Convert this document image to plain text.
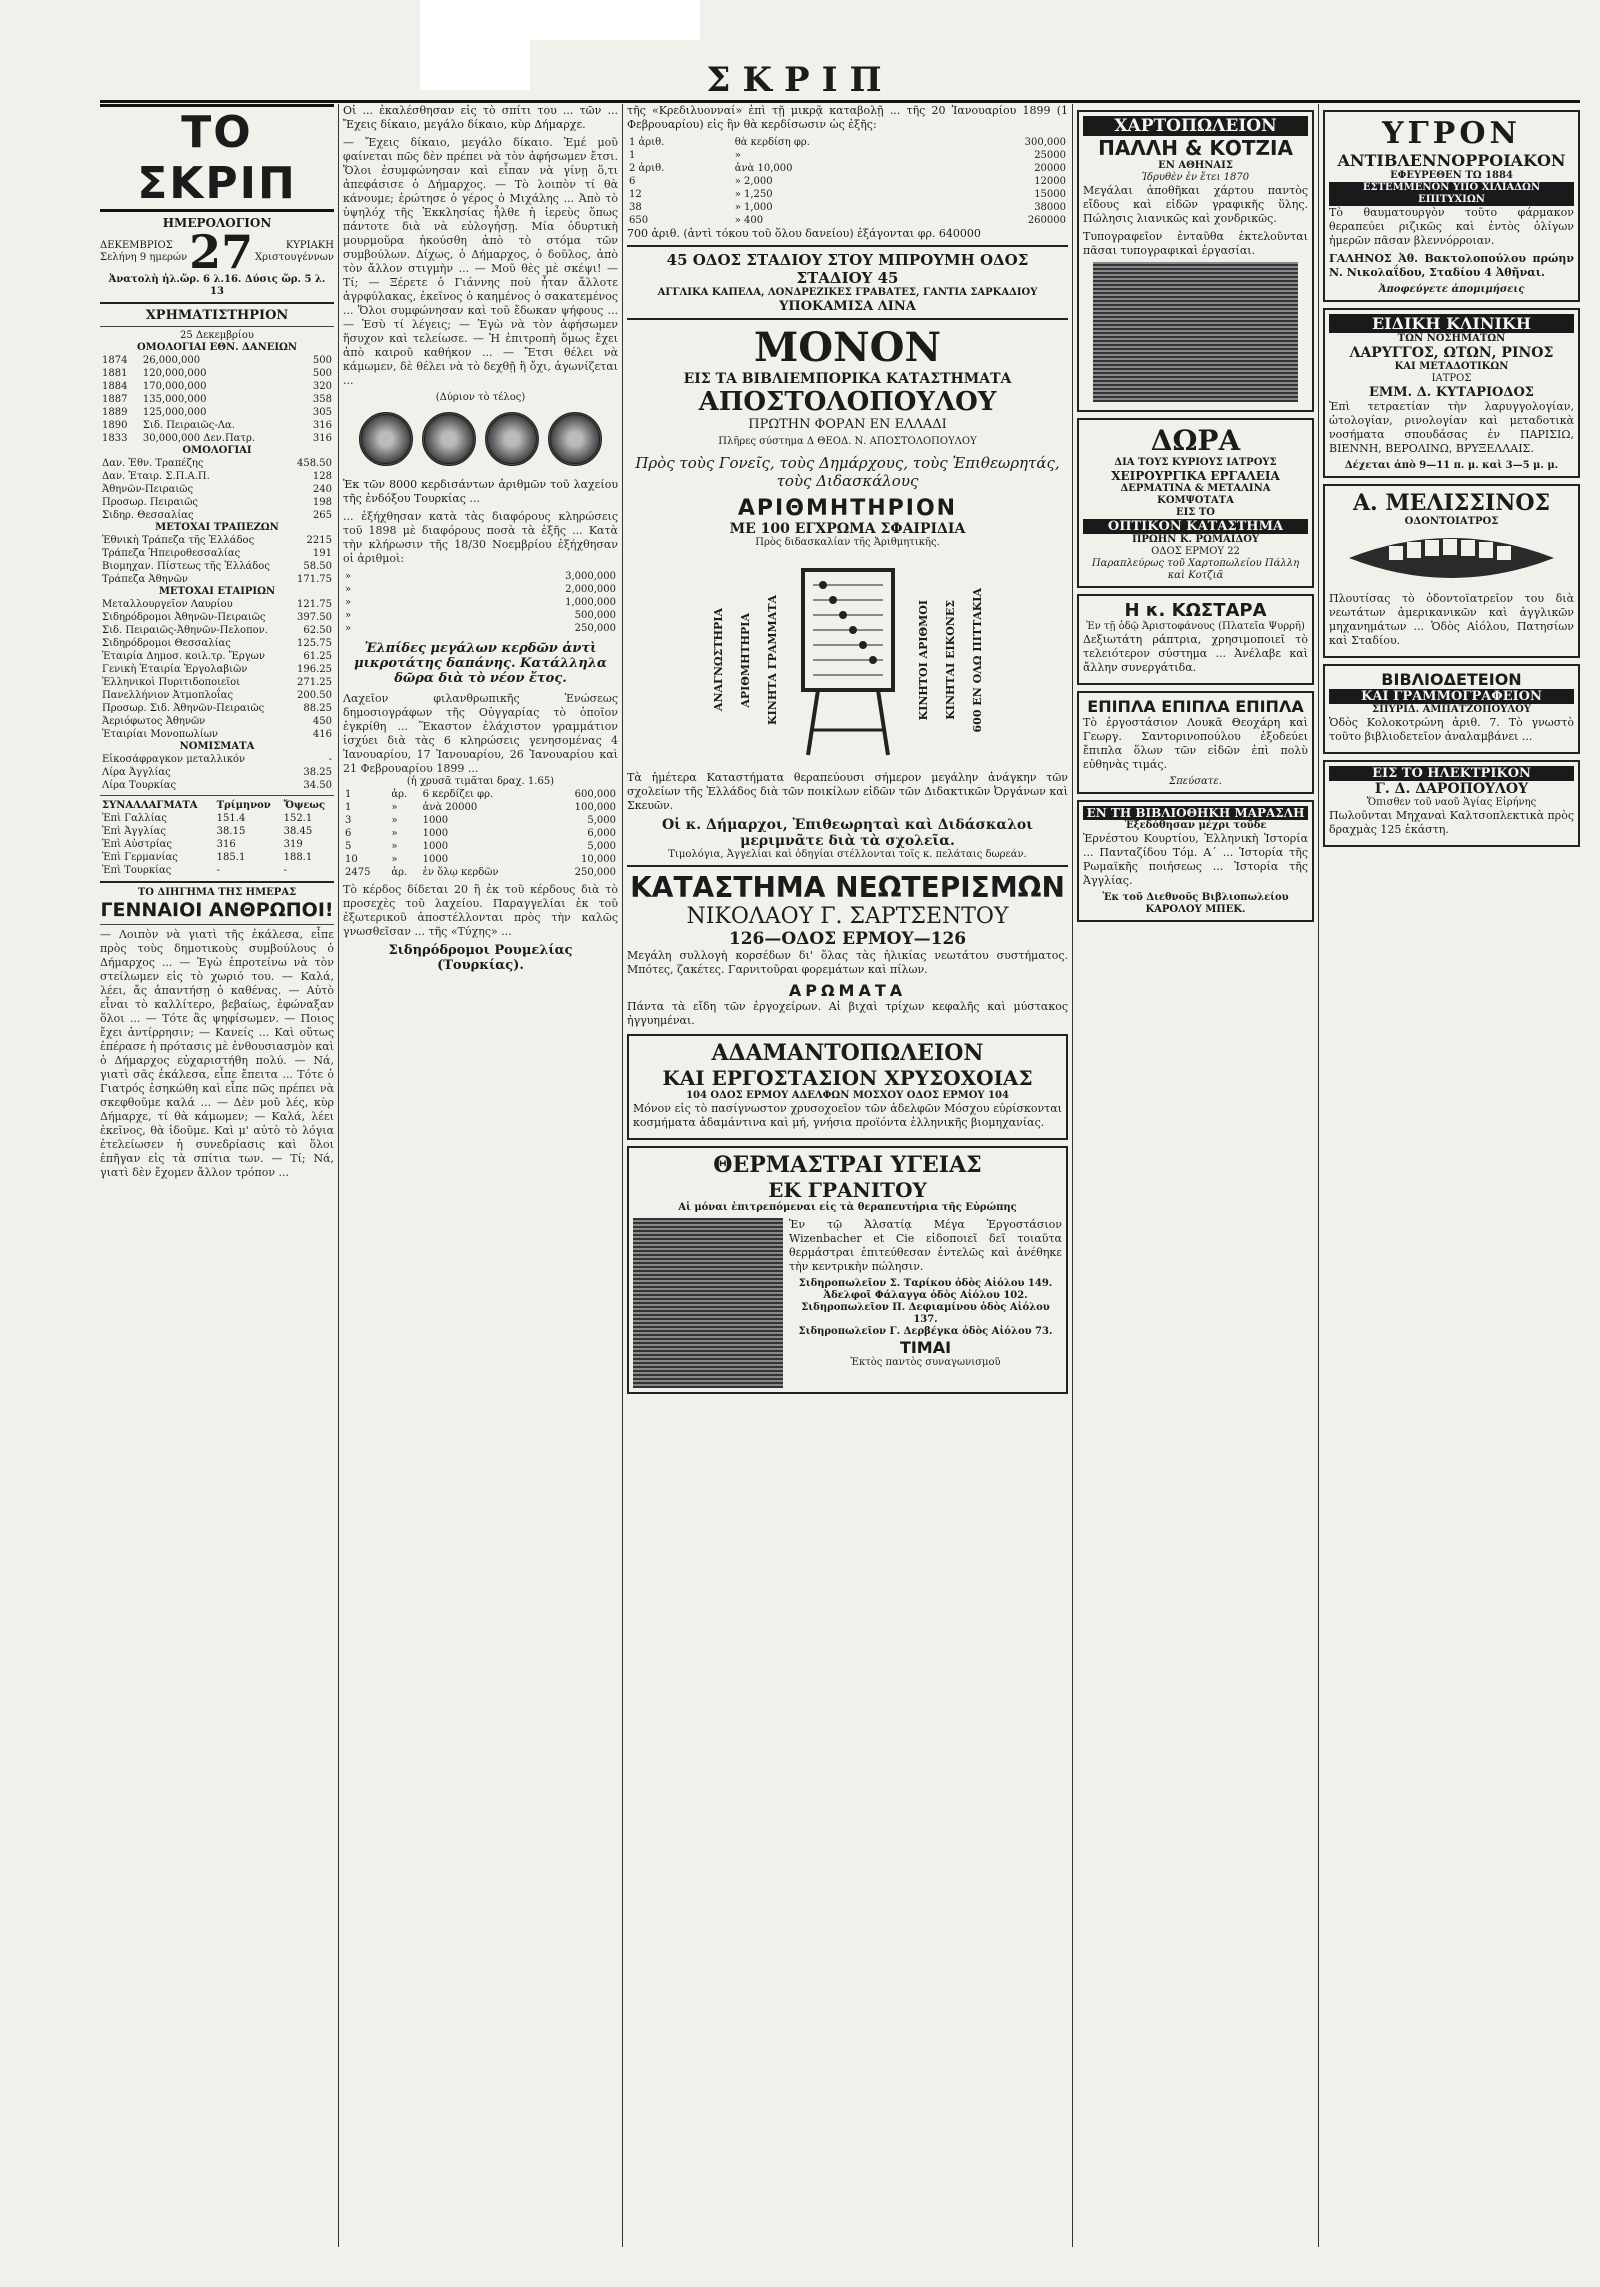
ΣΚΡΙΠ
ΤΟ ΣΚΡΙΠ
ΗΜΕΡΟΛΟΓΙΟΝ
ΔΕΚΕΜΒΡΙΟΣ
Σελήνη 9 ημερών 27	ΚΥΡΙΑΚΗ
Χριστουγέννων
Ἀνατολὴ ἡλ.ὥρ. 6 λ.16. Δύσις ὥρ. 5 λ. 13
ΧΡΗΜΑΤΙΣΤΗΡΙΟΝ
25 Δεκεμβρίου
ΟΜΟΛΟΓΙΑΙ ΕΘΝ. ΔΑΝΕΙΩΝ
1874	26,000,000	500
1881	120,000,000	500
1884	170,000,000	320
1887	135,000,000	358
1889	125,000,000	305
1890	Σιδ. Πειραιῶς-Λα.	316
1833	30,000,000 Δεν.Πατρ.	316
ΟΜΟΛΟΓΙΑΙ
Δαν. Ἐθν. Τραπέζης	458.50
Δαν. Ἐταιρ. Σ.Π.Α.Π.	128
Ἀθηνῶν-Πειραιῶς	240
Προσωρ. Πειραιῶς	198
Σιδηρ. Θεσσαλίας	265
ΜΕΤΟΧΑΙ ΤΡΑΠΕΖΩΝ
Ἐθνικὴ Τράπεζα τῆς Ἑλλάδος	2215
Τράπεζα Ἠπειροθεσσαλίας	191
Βιομηχαν. Πίστεως τῆς Ἑλλάδος	58.50
Τράπεζα Ἀθηνῶν	171.75
ΜΕΤΟΧΑΙ ΕΤΑΙΡΙΩΝ
Μεταλλουργεῖον Λαυρίου	121.75
Σιδηρόδρομοι Ἀθηνῶν-Πειραιῶς	397.50
Σιδ. Πειραιῶς-Ἀθηνῶν-Πελοπον.	62.50
Σιδηρόδρομοι Θεσσαλίας	125.75
Ἑταιρία Δημοσ. κοιλ.τρ. Ἔργων	61.25
Γενικὴ Ἑταιρία Ἐργολαβιῶν	196.25
Ἑλληνικοὶ Πυριτιδοποιεῖοι	271.25
Πανελλήνιον Ἀτμοπλοΐας	200.50
Προσωρ. Σιδ. Ἀθηνῶν-Πειραιῶς	88.25
Ἀεριόφωτος Ἀθηνῶν	450
Ἐταιρίαι Μονοπωλίων	416
ΝΟΜΙΣΜΑΤΑ
Εἰκοσάφραγκον μεταλλικόν	-
Λίρα Ἀγγλίας	38.25
Λίρα Τουρκίας	34.50
ΣΥΝΑΛΛΑΓΜΑΤΑ	Τρίμηνον	Ὄψεως
Ἐπὶ Γαλλίας	151.4	152.1
Ἐπὶ Ἀγγλίας	38.15	38.45
Ἐπὶ Αὐστρίας	316	319
Ἐπὶ Γερμανίας	185.1	188.1
Ἐπὶ Τουρκίας	-	-
ΤΟ ΔΙΗΓΗΜΑ ΤΗΣ ΗΜΕΡΑΣ
ΓΕΝΝΑΙΟΙ ΑΝΘΡΩΠΟΙ!
— Λοιπὸν νὰ γιατὶ τῆς ἐκάλεσα, εἶπε πρὸς τοὺς δημοτικοὺς συμβούλους ὁ Δήμαρχος ... — Ἐγὼ ἐπροτείνω νὰ τὸν στείλωμεν εἰς τὸ χωριό του. — Καλά, λέει, ἄς ἀπαντήσῃ ὁ καθένας. — Αὐτὸ εἶναι τὸ καλλίτερο, βεβαίως, ἐφώναξαν ὅλοι ... — Τότε ἂς ψηφίσωμεν. — Ποιος ἔχει ἀντίρρησιν; — Κανείς ... Καὶ οὕτως ἐπέρασε ἡ πρότασις μὲ ἐνθουσιασμὸν καὶ ὁ Δήμαρχος εὐχαριστήθη πολύ. — Νά, γιατὶ σᾶς ἐκάλεσα, εἶπε ἔπειτα ... Τότε ὁ Γιατρός ἐσηκώθη καὶ εἶπε πῶς πρέπει νὰ σκεφθοῦμε καλά ... — Δὲν μοῦ λές, κὺρ Δήμαρχε, τί θὰ κάμωμεν; — Καλά, λέει ἐκεῖνος, θὰ ἰδοῦμε. Καὶ μ' αὐτὸ τὸ λόγια ἐτελείωσεν ἡ συνεδρίασις καὶ ὅλοι ἐπῆγαν εἰς τὰ σπίτια των. — Τί; Νά, γιατὶ δὲν ἔχομεν ἄλλον τρόπον ...

Οἱ ... ἐκαλέσθησαν εἰς τὸ σπίτι του ... τῶν ... Ἔχεις δίκαιο, μεγάλο δίκαιο, κὺρ Δήμαρχε.

— Ἔχεις δίκαιο, μεγάλο δίκαιο. Ἐμέ μοῦ φαίνεται πῶς δὲν πρέπει νὰ τὸν ἀφήσωμεν ἔτσι. Ὅλοι ἐσυμφώνησαν καὶ εἶπαν νὰ γίνῃ ὅ,τι ἀπεφάσισε ὁ Δήμαρχος. — Τὸ λοιπὸν τί θὰ κάνουμε; ἐρώτησε ὁ γέρος ὁ Μιχάλης ... Ἀπὸ τὸ ὑψηλόχ τῆς Ἐκκλησίας ἦλθε ἡ ἱερεὺς ὅπως πάντοτε διὰ νὰ εὐλογήσῃ. Μία ὀδυρτικὴ μουρμοῦρα ἠκούσθη ἀπὸ τὸ στόμα τῶν συμβούλων. Δίχως, ὁ Δήμαρχος, ὁ δοῦλος, ἀπὸ τὸν ἄλλον στιγμὴν ... — Μοῦ θὲς μὲ σκέψι! — Τί; — Ξέρετε ὁ Γιάννης ποὺ ἦταν ἄλλοτε ἀγρφύλακας, ἐκεῖνος ὁ καημένος ὁ σακατεμένος ... Ὅλοι συμφώνησαν καὶ τοῦ ἔδωκαν ψήφους ... — Ἐσὺ τί λέγεις; — Ἐγὼ νὰ τὸν ἀφήσωμεν ἥσυχον καὶ τελείωσε. — Ἡ ἐπιτροπὴ ὅμως ἔχει ἀπὸ καιροῦ καθήκον ... — Ἔτσι θέλει νὰ κάμωμεν, δὲ θέλει νὰ τὸ δεχθῇ ἢ ὄχι, ἀγωνίζεται ...
(Δύριον τὸ τέλος)

Ἐκ τῶν 8000 κερδισάντων ἀριθμῶν τοῦ λαχείου τῆς ἐνδόξου Τουρκίας ...

... ἐξήχθησαν κατὰ τὰς διαφόρους κληρώσεις τοῦ 1898 μὲ διαφόρους ποσὰ τὰ ἑξῆς ... Κατὰ τὴν κλήρωσιν τῆς 18/30 Νοεμβρίου ἐξήχθησαν οἱ ἀριθμοὶ:
»	3,000,000
»	2,000,000
»	1,000,000
»	500,000
»	250,000
Ἐλπίδες μεγάλων κερδῶν ἀντὶ μικροτάτης δαπάνης. Κατάλληλα δῶρα διὰ τὸ νέον ἔτος.
Λαχεῖον φιλανθρωπικῆς Ἐνώσεως δημοσιογράφων τῆς Οὐγγαρίας τὸ ὁποῖον ἐγκρίθη ... Ἕκαστον ἐλάχιστον γραμμάτιον ἰσχύει διὰ τὰς 6 κληρώσεις γενησομένας 4 Ἰανουαρίου, 17 Ἰανουαρίου, 26 Ἰανουαρίου καὶ 21 Φεβρουαρίου 1899 ...
(ἡ χρυσᾶ τιμᾶται δραχ. 1.65)
1	ἀρ.	6 κερδίζει φρ.	600,000
1	»	ἀνὰ 20000	100,000
3	»	1000	5,000
6	»	1000	6,000
5	»	1000	5,000
10	»	1000	10,000
2475	ἀρ.	ἐν ὅλῳ κερδῶν	250,000
Τὸ κέρδος δίδεται 20 ἢ ἐκ τοῦ κέρδους διὰ τὸ προσεχὲς τοῦ λαχείου. Παραγγελίαι ἐκ τοῦ ἐξωτερικοῦ ἀποστέλλονται πρὸς τὴν καλῶς γνωσθεῖσαν ... τῆς «Τύχης» ...
Σιδηρόδρομοι Ρουμελίας (Τουρκίας).

τῆς «Κρεδιλυονναί» ἐπὶ τῇ μικρᾷ καταβολῇ ... τῆς 20 Ἰανουαρίου 1899 (1 Φεβρουαρίου) εἰς ἣν θὰ κερδίσωσιν ὡς ἑξῆς:

1 ἀριθ.	θὰ κερδίση φρ.	300,000
1	»	25000
2 ἀριθ.	ἀνὰ 10,000	20000
6	» 2,000	12000
12	» 1,250	15000
38	» 1,000	38000
650	» 400	260000

700 ἀριθ. (ἀντὶ τόκου τοῦ ὅλου δανείου) ἐξάγονται φρ. 640000

45 ΟΔΟΣ ΣΤΑΔΙΟΥ ΣΤΟΥ ΜΠΡΟΥΜΗ ΟΔΟΣ ΣΤΑΔΙΟΥ 45
ΑΓΓΛΙΚΑ ΚΑΠΕΛΑ, ΛΟΝΔΡΕΖΙΚΕΣ ΓΡΑΒΑΤΕΣ, ΓΑΝΤΙΑ ΣΑΡΚΑΔΙΟΥ
ΥΠΟΚΑΜΙΣΑ ΛΙΝΑ
ΜΟΝΟΝ
ΕΙΣ ΤΑ ΒΙΒΛΙΕΜΠΟΡΙΚΑ ΚΑΤΑΣΤΗΜΑΤΑ
ΑΠΟΣΤΟΛΟΠΟΥΛΟΥ
ΠΡΩΤΗΝ ΦΟΡΑΝ ΕΝ ΕΛΛΑΔΙ
Πλῆρες σύστημα Δ ΘΕΟΔ. Ν. ΑΠΟΣΤΟΛΟΠΟΥΛΟΥ
Πρὸς τοὺς Γονεῖς, τοὺς Δημάρχους, τοὺς Ἐπιθεωρητάς, τοὺς Διδασκάλους
ΑΡΙΘΜΗΤΗΡΙΟΝ
ΜΕ 100 ΕΓΧΡΩΜΑ ΣΦΑΙΡΙΔΙΑ
Πρὸς διδασκαλίαν τῆς Ἀριθμητικῆς.
ΑΝΑΓΝΩΣΤΗΡΙΑ ΑΡΙΘΜΗΤΗΡΙΑ ΚΙΝΗΤΑ ΓΡΑΜΜΑΤΑ	ΚΙΝΗΤΟΙ ΑΡΙΘΜΟΙ ΚΙΝΗΤΑΙ ΕΙΚΟΝΕΣ 600 ΕΝ ΟΛΩ ΠΙΤΤΑΚΙΑ

Τὰ ἡμέτερα Καταστήματα θεραπεύουσι σήμερον μεγάλην ἀνάγκην τῶν σχολείων τῆς Ἑλλάδος διὰ τῶν ποικίλων εἰδῶν τῶν Διδακτικῶν Ὀργάνων καὶ Σκευῶν.

Οἱ κ. Δήμαρχοι, Ἐπιθεωρηταὶ καὶ Διδάσκαλοι μεριμνᾶτε διὰ τὰ σχολεῖα.
Τιμολόγια, Ἀγγελίαι καὶ ὁδηγίαι στέλλονται τοῖς κ. πελάταις δωρεάν.
ΚΑΤΑΣΤΗΜΑ ΝΕΩΤΕΡΙΣΜΩΝ
ΝΙΚΟΛΑΟΥ Γ. ΣΑΡΤΣΕΝΤΟΥ
126—ΟΔΟΣ ΕΡΜΟΥ—126

Μεγάλη συλλογὴ κορσέδων δι' ὅλας τὰς ἡλικίας νεωτάτου συστήματος. Μπότες, ζακέτες. Γαρνιτοῦραι φορεμάτων καὶ πίλων.

ΑΡΩΜΑΤΑ

Πάντα τὰ εἴδη τῶν ἐργοχείρων. Αἱ βιχαὶ τρίχων κεφαλῆς καὶ μύστακος ἠγγυημέναι.

ΑΔΑΜΑΝΤΟΠΩΛΕΙΟΝ
ΚΑΙ ΕΡΓΟΣΤΑΣΙΟΝ ΧΡΥΣΟΧΟΙΑΣ
104 ΟΔΟΣ ΕΡΜΟΥ ΑΔΕΛΦΩΝ ΜΟΣΧΟΥ ΟΔΟΣ ΕΡΜΟΥ 104

Μόνον εἰς τὸ πασίγνωστον χρυσοχοεῖον τῶν ἀδελφῶν Μόσχου εὑρίσκονται κοσμήματα ἀδαμάντινα καὶ μή, γνήσια προϊόντα ἑλληνικῆς βιομηχανίας.

ΘΕΡΜΑΣΤΡΑΙ ΥΓΕΙΑΣ
ΕΚ ΓΡΑΝΙΤΟΥ
Αἱ μόναι ἐπιτρεπόμεναι εἰς τὰ θεραπευτήρια τῆς Εὐρώπης

Ἐν τῷ Ἀλσατίᾳ Μέγα Ἐργοστάσιον Wizenbacher et Cie εἰδοποιεῖ δεῖ τοιαῦτα θερμάστραι ἐπιτεύθεσαν ἐντελῶς καὶ ἀνέθηκε τὴν κεντρικὴν πώλησιν.

Σιδηροπωλεῖον Σ. Ταρίκου ὁδὸς Αἰόλου 149.
Ἀδελφοῖ Φάλαγγα ὁδὸς Αἰόλου 102.
Σιδηροπωλεῖον Π. Δεφιαμίνου ὁδὸς Αἰόλου 137.
Σιδηροπωλεῖον Γ. Δερβέγκα ὁδὸς Αἰόλου 73.
ΤΙΜΑΙ
Ἐκτὸς παντὸς συναγωνισμοῦ
ΧΑΡΤΟΠΩΛΕΙΟΝ
ΠΑΛΛΗ & ΚΟΤΖΙΑ
ΕΝ ΑΘΗΝΑΙΣ
Ἱδρυθὲν ἐν ἔτει 1870

Μεγάλαι ἀποθῆκαι χάρτου παντὸς εἴδους καὶ εἰδῶν γραφικῆς ὕλης. Πώλησις λιανικῶς καὶ χονδρικῶς.

Τυπογραφεῖον ἐνταῦθα ἐκτελοῦνται πᾶσαι τυπογραφικαὶ ἐργασίαι.

ΔΩΡΑ
ΔΙΑ ΤΟΥΣ ΚΥΡΙΟΥΣ ΙΑΤΡΟΥΣ
ΧΕΙΡΟΥΡΓΙΚΑ ΕΡΓΑΛΕΙΑ
ΔΕΡΜΑΤΙΝΑ & ΜΕΤΑΛΙΝΑ ΚΟΜΨΟΤΑΤΑ
ΕΙΣ ΤΟ
ΟΠΤΙΚΟΝ ΚΑΤΑΣΤΗΜΑ
ΠΡΩΗΝ Κ. ΡΩΜΑΪΔΟΥ
ΟΔΟΣ ΕΡΜΟΥ 22
Παραπλεύρως τοῦ Χαρτοπωλείου Πάλλη καὶ Κοτζιᾶ
Η κ. ΚΩΣΤΑΡΑ
Ἐν τῇ ὁδῷ Ἀριστοφάνους (Πλατεῖα Ψυρρῆ)

Δεξιωτάτη ράπτρια, χρησιμοποιεῖ τὸ τελειότερον σύστημα ... Ἀνέλαβε καὶ ἄλλην συνεργάτιδα.

ΕΠΙΠΛΑ ΕΠΙΠΛΑ ΕΠΙΠΛΑ

Τὸ ἐργοστάσιον Λουκᾶ Θεοχάρη καὶ Γεωργ. Σαντορινοπούλου ἐξοδεύει ἔπιπλα ὅλων τῶν εἰδῶν ἐπὶ πολὺ εὐθηνὰς τιμάς.

Σπεύσατε.
ΕΝ ΤΗ ΒΙΒΛΙΟΘΗΚΗ ΜΑΡΑΣΛΗ
Ἐξεδόθησαν μέχρι τοῦδε

Ἐρνέστου Κουρτίου, Ἑλληνικὴ Ἱστορία ... Πανταζίδου Τόμ. Α΄ ... Ἱστορία τῆς Ρωμαϊκῆς ποιήσεως ... Ἱστορία τῆς Ἀγγλίας.

Ἐκ τοῦ Διεθνοῦς Βιβλιοπωλείου ΚΑΡΟΛΟΥ ΜΠΕΚ.
ΥΓΡΟΝ
ΑΝΤΙΒΛΕΝΝΟΡΡΟΙΑΚΟΝ
ΕΦΕΥΡΕΘΕΝ ΤΩ 1884
ΕΣΤΕΜΜΕΝΟΝ ΥΠΟ ΧΙΛΙΑΔΩΝ ΕΠΙΤΥΧΙΩΝ

Τὸ θαυματουργὸν τοῦτο φάρμακον θεραπεύει ριζικῶς καὶ ἐντὸς ὀλίγων ἡμερῶν πᾶσαν βλεννόρροιαν.

ΓΑΛΗΝΟΣ Ἀθ. Βακτολοπούλου πρώην Ν. Νικολαΐδου, Σταδίου 4 Ἀθῆναι.

Ἀποφεύγετε ἀπομιμήσεις
ΕΙΔΙΚΗ ΚΛΙΝΙΚΗ
ΤΩΝ ΝΟΣΗΜΑΤΩΝ
ΛΑΡΥΓΓΟΣ, ΩΤΩΝ, ΡΙΝΟΣ
ΚΑΙ ΜΕΤΑΔΟΤΙΚΩΝ
ΙΑΤΡΟΣ
ΕΜΜ. Δ. ΚΥΤΑΡΙΟΔΟΣ

Ἐπὶ τετραετίαν τὴν λαρυγγολογίαν, ὠτολογίαν, ρινολογίαν καὶ μεταδοτικὰ νοσήματα σπουδάσας ἐν ΠΑΡΙΣΙΩ, ΒΙΕΝΝΗ, ΒΕΡΟΛΙΝΩ, ΒΡΥΞΕΛΛΑΙΣ.

Δέχεται ἀπὸ 9—11 π. μ. καὶ 3—5 μ. μ.
Α. ΜΕΛΙΣΣΙΝΟΣ
ΟΔΟΝΤΟΙΑΤΡΟΣ

Πλουτίσας τὸ ὀδοντοϊατρεῖον του διὰ νεωτάτων ἀμερικανικῶν καὶ ἀγγλικῶν μηχανημάτων ... Ὁδὸς Αἰόλου, Πατησίων καὶ Σταδίου.

ΒΙΒΛΙΟΔΕΤΕΙΟΝ
ΚΑΙ ΓΡΑΜΜΟΓΡΑΦΕΙΟΝ
ΣΠΥΡΙΔ. ΑΜΠΑΤΖΟΠΟΥΛΟΥ

Ὁδὸς Κολοκοτρώνη ἀριθ. 7. Τὸ γνωστὸ τοῦτο βιβλιοδετεῖον ἀναλαμβάνει ...

ΕΙΣ ΤΟ ΗΛΕΚΤΡΙΚΟΝ
Γ. Δ. ΔΑΡΟΠΟΥΛΟΥ
Ὄπισθεν τοῦ ναοῦ Ἁγίας Εἰρήνης

Πωλοῦνται Μηχαναὶ Καλτσοπλεκτικὰ πρὸς δραχμὰς 125 ἑκάστη.
